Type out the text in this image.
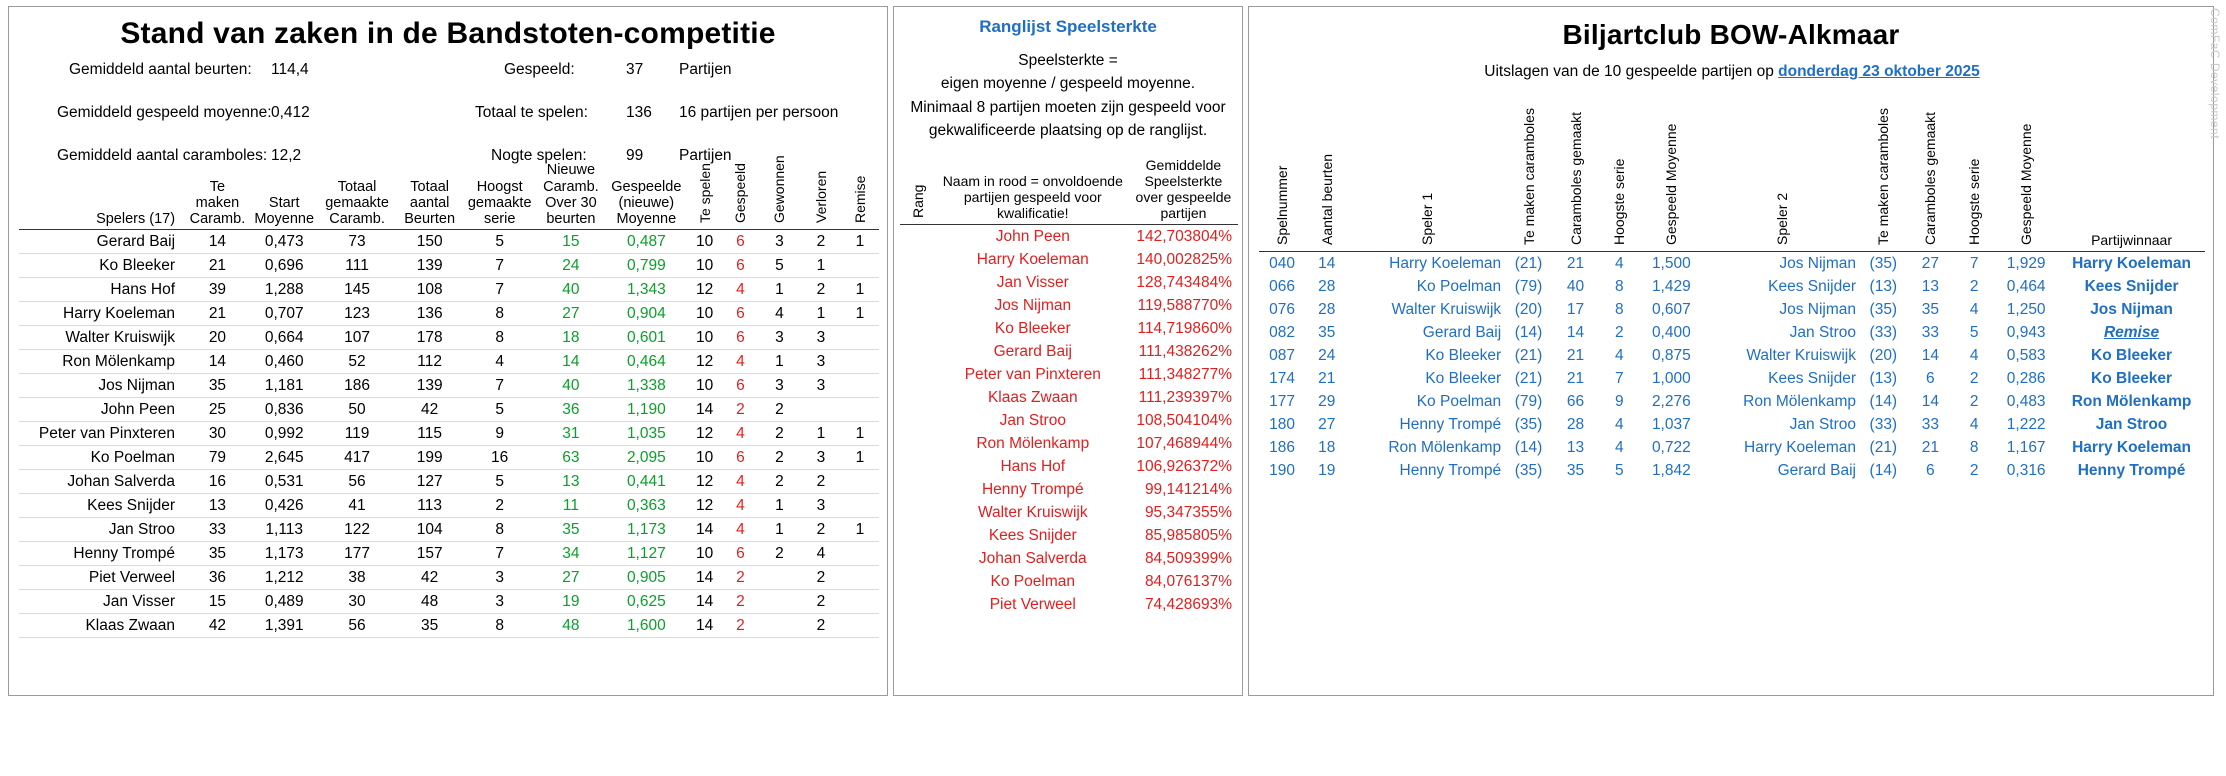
Stand van zaken in de Bandstoten-competitie
Gemiddeld aantal beurten: 114,4
Gemiddeld gespeeld moyenne: 0,412
Gemiddeld aantal caramboles: 12,2
Gespeeld:	37 Partijen
Totaal te spelen: 136 16 partijen per persoon
Nogte spelen:	99 Partijen
Spelers (17)	Te maken Caramb.	Start Moyenne	Totaal gemaakte Caramb.	Totaal aantal Beurten	Hoogst gemaakte serie	Nieuwe Caramb. Over 30 beurten	Gespeelde (nieuwe) Moyenne	Te spelen	Gespeeld	Gewonnen	Verloren	Remise
Gerard Baij	14	0,473	73	150	5	15	0,487	10	6	3	2	1
Ko Bleeker	21	0,696	111	139	7	24	0,799	10	6	5	1	
Hans Hof	39	1,288	145	108	7	40	1,343	12	4	1	2	1
Harry Koeleman	21	0,707	123	136	8	27	0,904	10	6	4	1	1
Walter Kruiswijk	20	0,664	107	178	8	18	0,601	10	6	3	3	
Ron Mölenkamp	14	0,460	52	112	4	14	0,464	12	4	1	3	
Jos Nijman	35	1,181	186	139	7	40	1,338	10	6	3	3	
John Peen	25	0,836	50	42	5	36	1,190	14	2	2		
Peter van Pinxteren	30	0,992	119	115	9	31	1,035	12	4	2	1	1
Ko Poelman	79	2,645	417	199	16	63	2,095	10	6	2	3	1
Johan Salverda	16	0,531	56	127	5	13	0,441	12	4	2	2	
Kees Snijder	13	0,426	41	113	2	11	0,363	12	4	1	3	
Jan Stroo	33	1,113	122	104	8	35	1,173	14	4	1	2	1
Henny Trompé	35	1,173	177	157	7	34	1,127	10	6	2	4	
Piet Verweel	36	1,212	38	42	3	27	0,905	14	2		2	
Jan Visser	15	0,489	30	48	3	19	0,625	14	2		2	
Klaas Zwaan	42	1,391	56	35	8	48	1,600	14	2		2	
Ranglijst Speelsterkte
Speelsterkte =
eigen moyenne / gespeeld moyenne.
Minimaal 8 partijen moeten zijn gespeeld voor
gekwalificeerde plaatsing op de ranglijst.
Rang	Naam in rood = onvoldoende partijen gespeeld voor kwalificatie!	Gemiddelde Speelsterkte over gespeelde partijen
	John Peen	142,703804%
	Harry Koeleman	140,002825%
	Jan Visser	128,743484%
	Jos Nijman	119,588770%
	Ko Bleeker	114,719860%
	Gerard Baij	111,438262%
	Peter van Pinxteren	111,348277%
	Klaas Zwaan	111,239397%
	Jan Stroo	108,504104%
	Ron Mölenkamp	107,468944%
	Hans Hof	106,926372%
	Henny Trompé	99,141214%
	Walter Kruiswijk	95,347355%
	Kees Snijder	85,985805%
	Johan Salverda	84,509399%
	Ko Poelman	84,076137%
	Piet Verweel	74,428693%
Biljartclub BOW-Alkmaar
Uitslagen van de 10 gespeelde partijen op donderdag 23 oktober 2025
Spelnummer	Aantal beurten	Speler 1	Te maken caramboles	Caramboles gemaakt	Hoogste serie	Gespeeld Moyenne	Speler 2	Te maken caramboles	Caramboles gemaakt	Hoogste serie	Gespeeld Moyenne	Partijwinnaar
040	14	Harry Koeleman	(21)	21	4	1,500	Jos Nijman	(35)	27	7	1,929	Harry Koeleman
066	28	Ko Poelman	(79)	40	8	1,429	Kees Snijder	(13)	13	2	0,464	Kees Snijder
076	28	Walter Kruiswijk	(20)	17	8	0,607	Jos Nijman	(35)	35	4	1,250	Jos Nijman
082	35	Gerard Baij	(14)	14	2	0,400	Jan Stroo	(33)	33	5	0,943	Remise
087	24	Ko Bleeker	(21)	21	4	0,875	Walter Kruiswijk	(20)	14	4	0,583	Ko Bleeker
174	21	Ko Bleeker	(21)	21	7	1,000	Kees Snijder	(13)	6	2	0,286	Ko Bleeker
177	29	Ko Poelman	(79)	66	9	2,276	Ron Mölenkamp	(14)	14	2	0,483	Ron Mölenkamp
180	27	Henny Trompé	(35)	28	4	1,037	Jan Stroo	(33)	33	4	1,222	Jan Stroo
186	18	Ron Mölenkamp	(14)	13	4	0,722	Harry Koeleman	(21)	21	8	1,167	Harry Koeleman
190	19	Henny Trompé	(35)	35	5	1,842	Gerard Baij	(14)	6	2	0,316	Henny Trompé
ComFaC Development
